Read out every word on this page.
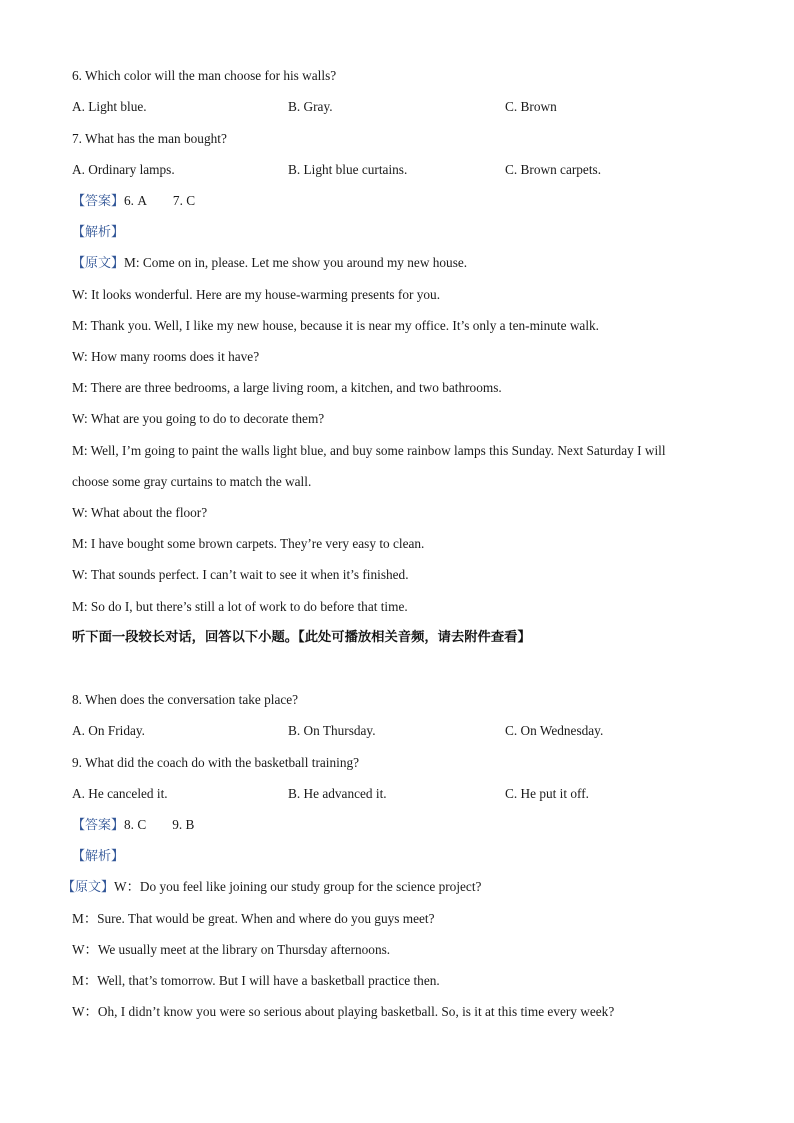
6. Which color will the man choose for his walls?
A. Light blue.	B. Gray.	C. Brown
7. What has the man bought?
A. Ordinary lamps.	B. Light blue curtains.	C. Brown carpets.
【答案】6. A 7. C
【解析】
【原文】M: Come on in, please. Let me show you around my new house.
W: It looks wonderful. Here are my house-warming presents for you.
M: Thank you. Well, I like my new house, because it is near my office. It’s only a ten-minute walk.
W: How many rooms does it have?
M: There are three bedrooms, a large living room, a kitchen, and two bathrooms.
W: What are you going to do to decorate them?
M: Well, I’m going to paint the walls light blue, and buy some rainbow lamps this Sunday. Next Saturday I will
choose some gray curtains to match the wall.
W: What about the floor?
M: I have bought some brown carpets. They’re very easy to clean.
W: That sounds perfect. I can’t wait to see it when it’s finished.
M: So do I, but there’s still a lot of work to do before that time.
听下面一段较长对话，回答以下小题。【此处可播放相关音频，请去附件查看】
8. When does the conversation take place?
A. On Friday.	B. On Thursday.	C. On Wednesday.
9. What did the coach do with the basketball training?
A. He canceled it.	B. He advanced it.	C. He put it off.
【答案】8. C 9. B
【解析】
【原文】W：Do you feel like joining our study group for the science project?
M：Sure. That would be great. When and where do you guys meet?
W：We usually meet at the library on Thursday afternoons.
M：Well, that’s tomorrow. But I will have a basketball practice then.
W：Oh, I didn’t know you were so serious about playing basketball. So, is it at this time every week?
